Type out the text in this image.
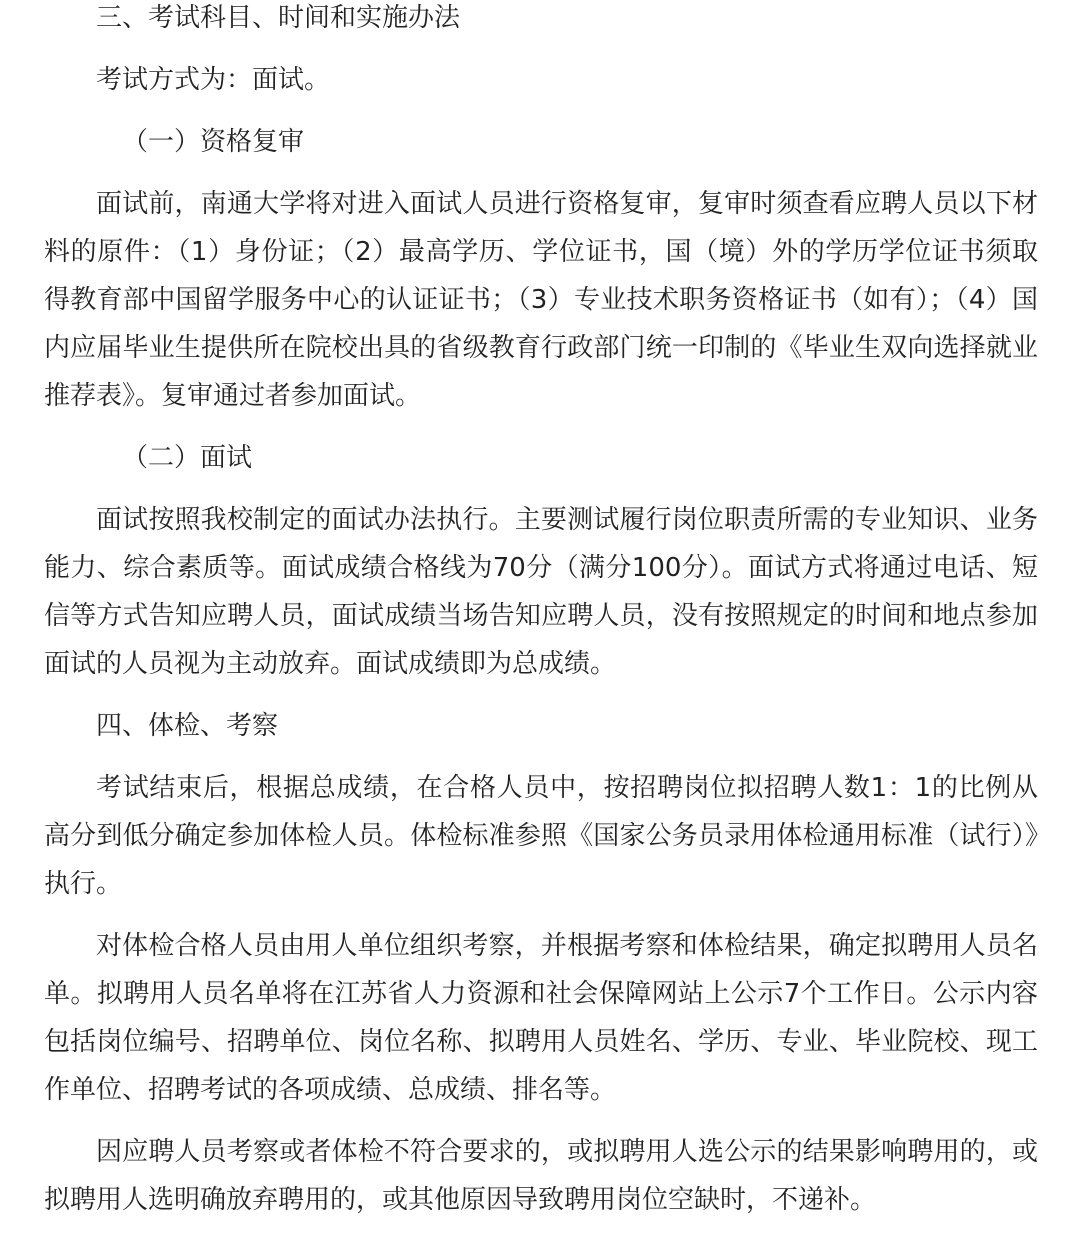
三、考试科目、时间和实施办法

考试方式为：面试。

（一）资格复审

面试前，南通大学将对进入面试人员进行资格复审，复审时须查看应聘人员以下材料的原件：（1）身份证；（2）最高学历、学位证书，国（境）外的学历学位证书须取得教育部中国留学服务中心的认证证书；（3）专业技术职务资格证书（如有）；（4）国内应届毕业生提供所在院校出具的省级教育行政部门统一印制的《毕业生双向选择就业推荐表》。复审通过者参加面试。

（二）面试

面试按照我校制定的面试办法执行。主要测试履行岗位职责所需的专业知识、业务能力、综合素质等。面试成绩合格线为70分（满分100分）。面试方式将通过电话、短信等方式告知应聘人员，面试成绩当场告知应聘人员，没有按照规定的时间和地点参加面试的人员视为主动放弃。面试成绩即为总成绩。

四、体检、考察

考试结束后，根据总成绩，在合格人员中，按招聘岗位拟招聘人数1：1的比例从高分到低分确定参加体检人员。体检标准参照《国家公务员录用体检通用标准（试行）》执行。

对体检合格人员由用人单位组织考察，并根据考察和体检结果，确定拟聘用人员名单。拟聘用人员名单将在江苏省人力资源和社会保障网站上公示7个工作日。公示内容包括岗位编号、招聘单位、岗位名称、拟聘用人员姓名、学历、专业、毕业院校、现工作单位、招聘考试的各项成绩、总成绩、排名等。

因应聘人员考察或者体检不符合要求的，或拟聘用人选公示的结果影响聘用的，或拟聘用人选明确放弃聘用的，或其他原因导致聘用岗位空缺时，不递补。
